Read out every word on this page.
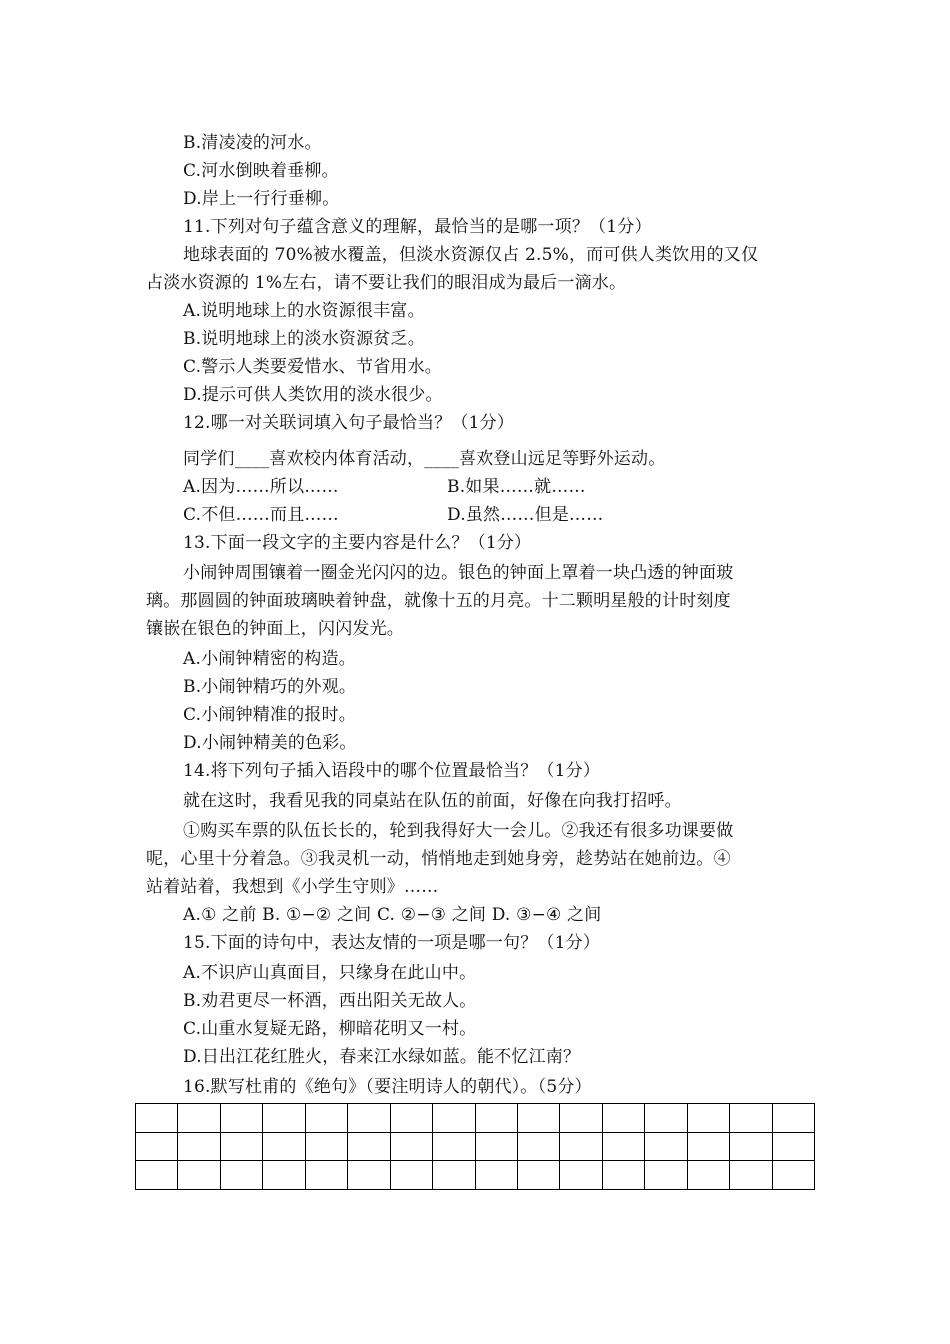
B.清凌凌的河水。
C.河水倒映着垂柳。
D.岸上一行行垂柳。
11.下列对句子蕴含意义的理解，最恰当的是哪一项？（1分）
地球表面的 70%被水覆盖，但淡水资源仅占 2.5%，而可供人类饮用的又仅
占淡水资源的 1%左右，请不要让我们的眼泪成为最后一滴水。
A.说明地球上的水资源很丰富。
B.说明地球上的淡水资源贫乏。
C.警示人类要爱惜水、节省用水。
D.提示可供人类饮用的淡水很少。
12.哪一对关联词填入句子最恰当？（1分）
同学们____喜欢校内体育活动，____喜欢登山远足等野外运动。
A.因为……所以……	B.如果……就……
C.不但……而且……	D.虽然……但是……
13.下面一段文字的主要内容是什么？（1分）
小闹钟周围镶着一圈金光闪闪的边。银色的钟面上罩着一块凸透的钟面玻
璃。那圆圆的钟面玻璃映着钟盘，就像十五的月亮。十二颗明星般的计时刻度
镶嵌在银色的钟面上，闪闪发光。
A.小闹钟精密的构造。
B.小闹钟精巧的外观。
C.小闹钟精准的报时。
D.小闹钟精美的色彩。
14.将下列句子插入语段中的哪个位置最恰当？（1分）
就在这时，我看见我的同桌站在队伍的前面，好像在向我打招呼。
①购买车票的队伍长长的，轮到我得好大一会儿。②我还有很多功课要做
呢，心里十分着急。③我灵机一动，悄悄地走到她身旁，趁势站在她前边。④
站着站着，我想到《小学生守则》……
A.① 之前 B. ①−② 之间 C. ②−③ 之间 D. ③−④ 之间
15.下面的诗句中，表达友情的一项是哪一句？（1分）
A.不识庐山真面目，只缘身在此山中。
B.劝君更尽一杯酒，西出阳关无故人。
C.山重水复疑无路，柳暗花明又一村。
D.日出江花红胜火，春来江水绿如蓝。能不忆江南？
16.默写杜甫的《绝句》（要注明诗人的朝代）。（5分）
